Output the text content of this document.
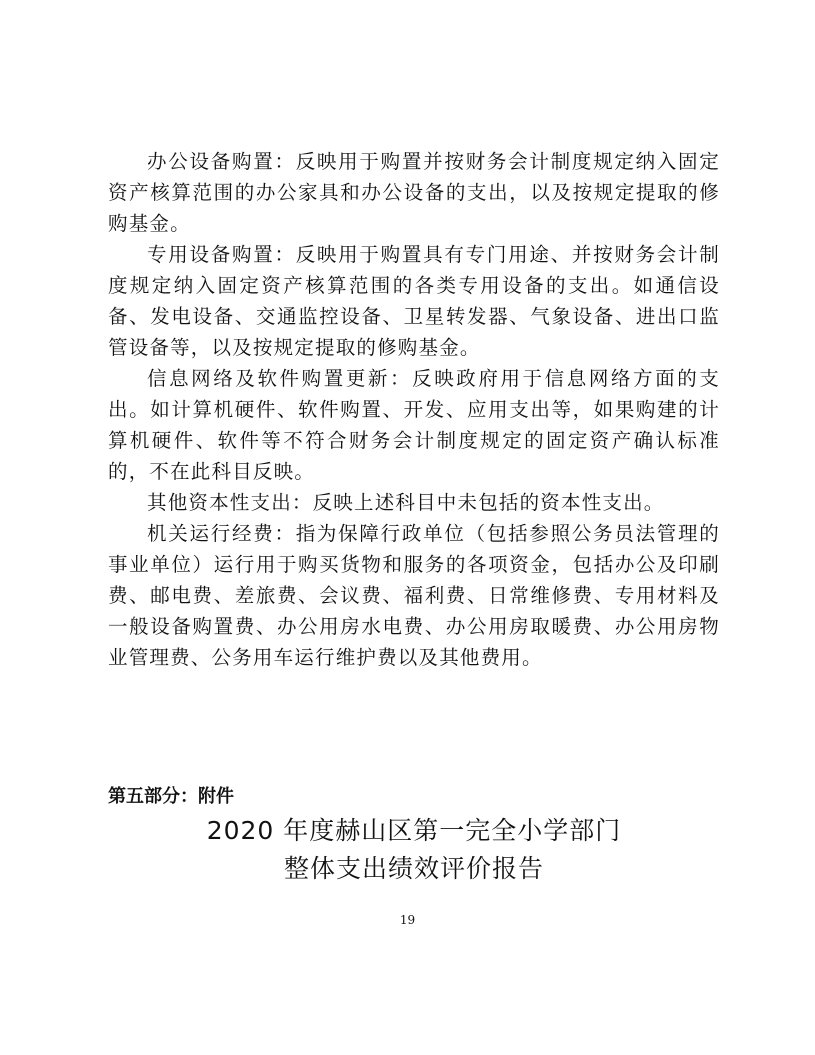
办公设备购置：反映用于购置并按财务会计制度规定纳入固定资产核算范围的办公家具和办公设备的支出，以及按规定提取的修购基金。

专用设备购置：反映用于购置具有专门用途、并按财务会计制度规定纳入固定资产核算范围的各类专用设备的支出。如通信设备、发电设备、交通监控设备、卫星转发器、气象设备、进出口监管设备等，以及按规定提取的修购基金。

信息网络及软件购置更新：反映政府用于信息网络方面的支出。如计算机硬件、软件购置、开发、应用支出等，如果购建的计算机硬件、软件等不符合财务会计制度规定的固定资产确认标准的，不在此科目反映。

其他资本性支出：反映上述科目中未包括的资本性支出。

机关运行经费：指为保障行政单位（包括参照公务员法管理的事业单位）运行用于购买货物和服务的各项资金，包括办公及印刷费、邮电费、差旅费、会议费、福利费、日常维修费、专用材料及一般设备购置费、办公用房水电费、办公用房取暖费、办公用房物业管理费、公务用车运行维护费以及其他费用。

第五部分：附件
2020 年度赫山区第一完全小学部门
整体支出绩效评价报告
19
